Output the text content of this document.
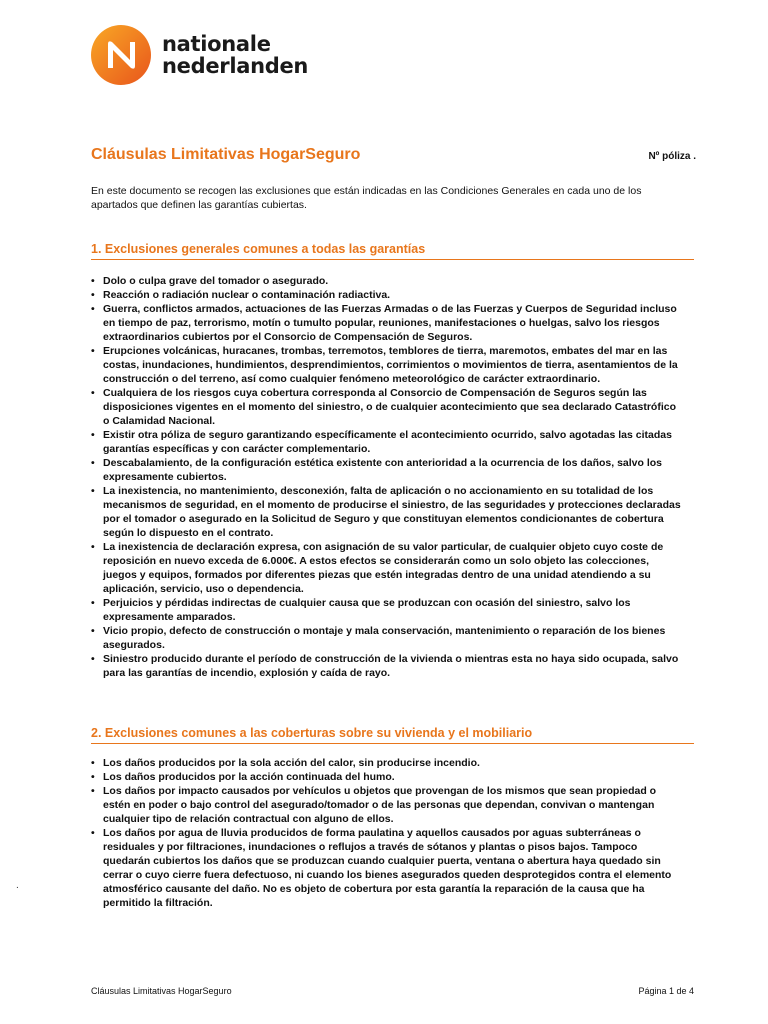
nationale
nederlanden
Cláusulas Limitativas HogarSeguro	Nº póliza .

En este documento se recogen las exclusiones que están indicadas en las Condiciones Generales en cada uno de los apartados que definen las garantías cubiertas.

1. Exclusiones generales comunes a todas las garantías
• Dolo o culpa grave del tomador o asegurado.
• Reacción o radiación nuclear o contaminación radiactiva.
• Guerra, conflictos armados, actuaciones de las Fuerzas Armadas o de las Fuerzas y Cuerpos de Seguridad incluso en tiempo de paz, terrorismo, motín o tumulto popular, reuniones, manifestaciones o huelgas, salvo los riesgos extraordinarios cubiertos por el Consorcio de Compensación de Seguros.
• Erupciones volcánicas, huracanes, trombas, terremotos, temblores de tierra, maremotos, embates del mar en las costas, inundaciones, hundimientos, desprendimientos, corrimientos o movimientos de tierra, asentamientos de la construcción o del terreno, así como cualquier fenómeno meteorológico de carácter extraordinario.
• Cualquiera de los riesgos cuya cobertura corresponda al Consorcio de Compensación de Seguros según las disposiciones vigentes en el momento del siniestro, o de cualquier acontecimiento que sea declarado Catastrófico o Calamidad Nacional.
• Existir otra póliza de seguro garantizando específicamente el acontecimiento ocurrido, salvo agotadas las citadas garantías específicas y con carácter complementario.
• Descabalamiento, de la configuración estética existente con anterioridad a la ocurrencia de los daños, salvo los expresamente cubiertos.
• La inexistencia, no mantenimiento, desconexión, falta de aplicación o no accionamiento en su totalidad de los mecanismos de seguridad, en el momento de producirse el siniestro, de las seguridades y protecciones declaradas por el tomador o asegurado en la Solicitud de Seguro y que constituyan elementos condicionantes de cobertura según lo dispuesto en el contrato.
• La inexistencia de declaración expresa, con asignación de su valor particular, de cualquier objeto cuyo coste de reposición en nuevo exceda de 6.000€. A estos efectos se considerarán como un solo objeto las colecciones, juegos y equipos, formados por diferentes piezas que estén integradas dentro de una unidad atendiendo a su aplicación, servicio, uso o dependencia.
• Perjuicios y pérdidas indirectas de cualquier causa que se produzcan con ocasión del siniestro, salvo los expresamente amparados.
• Vicio propio, defecto de construcción o montaje y mala conservación, mantenimiento o reparación de los bienes asegurados.
• Siniestro producido durante el período de construcción de la vivienda o mientras esta no haya sido ocupada, salvo para las garantías de incendio, explosión y caída de rayo.
2. Exclusiones comunes a las coberturas sobre su vivienda y el mobiliario
• Los daños producidos por la sola acción del calor, sin producirse incendio.
• Los daños producidos por la acción continuada del humo.
• Los daños por impacto causados por vehículos u objetos que provengan de los mismos que sean propiedad o estén en poder o bajo control del asegurado/tomador o de las personas que dependan, convivan o mantengan cualquier tipo de relación contractual con alguno de ellos.
• Los daños por agua de lluvia producidos de forma paulatina y aquellos causados por aguas subterráneas o residuales y por filtraciones, inundaciones o reflujos a través de sótanos y plantas o pisos bajos. Tampoco quedarán cubiertos los daños que se produzcan cuando cualquier puerta, ventana o abertura haya quedado sin cerrar o cuyo cierre fuera defectuoso, ni cuando los bienes asegurados queden desprotegidos contra el elemento atmosférico causante del daño. No es objeto de cobertura por esta garantía la reparación de la causa que ha permitido la filtración.
.
Cláusulas Limitativas HogarSeguro	Página 1 de 4
